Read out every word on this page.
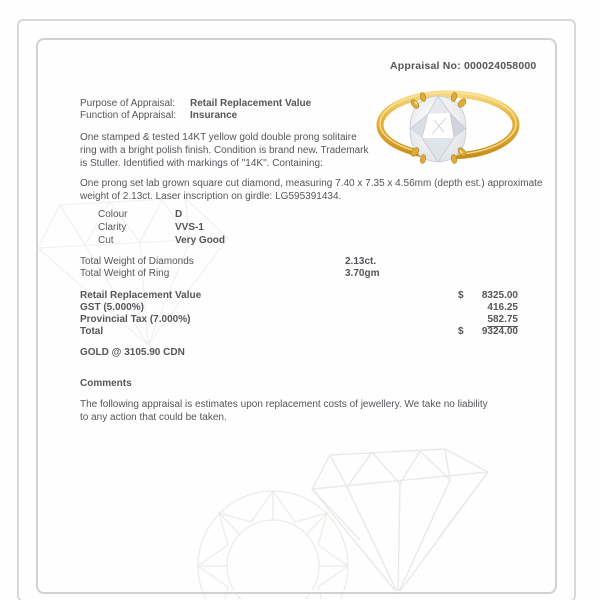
Appraisal No: 000024058000
Purpose of Appraisal: Retail Replacement Value
Function of Appraisal: Insurance
One stamped & tested 14KT yellow gold double prong solitaire
ring with a bright polish finish. Condition is brand new. Trademark
is Stuller. Identified with markings of "14K". Containing:
One prong set lab grown square cut diamond, measuring 7.40 x 7.35 x 4.56mm (depth est.) approximate
weight of 2.13ct. Laser inscription on girdle: LG595391434.
Colour	D
Clarity	VVS-1
Cut	Very Good
Total Weight of Diamonds	2.13ct.
Total Weight of Ring	3.70gm
Retail Replacement Value	$	8325.00
GST (5.000%)	416.25
Provincial Tax (7.000%)	582.75
Total	$	9324.00
GOLD @ 3105.90 CDN
Comments
The following appraisal is estimates upon replacement costs of jewellery. We take no liability
to any action that could be taken.
